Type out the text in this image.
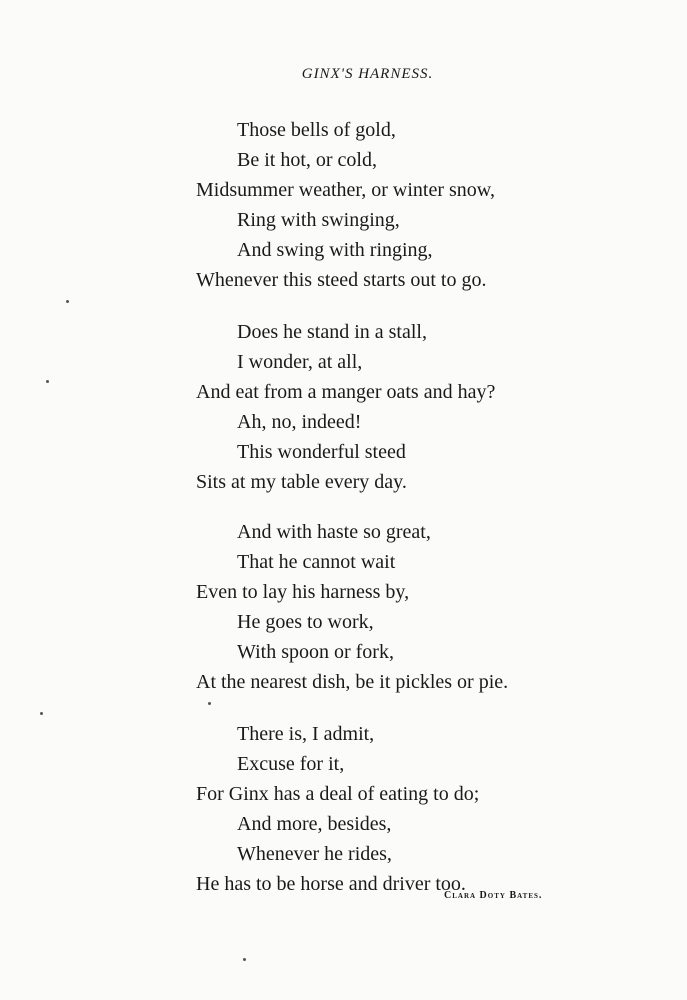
GINX'S HARNESS.
Those bells of gold,
Be it hot, or cold,
Midsummer weather, or winter snow,
Ring with swinging,
And swing with ringing,
Whenever this steed starts out to go.
Does he stand in a stall,
I wonder, at all,
And eat from a manger oats and hay?
Ah, no, indeed!
This wonderful steed
Sits at my table every day.
And with haste so great,
That he cannot wait
Even to lay his harness by,
He goes to work,
With spoon or fork,
At the nearest dish, be it pickles or pie.
There is, I admit,
Excuse for it,
For Ginx has a deal of eating to do;
And more, besides,
Whenever he rides,
He has to be horse and driver too.
Clara Doty Bates.
